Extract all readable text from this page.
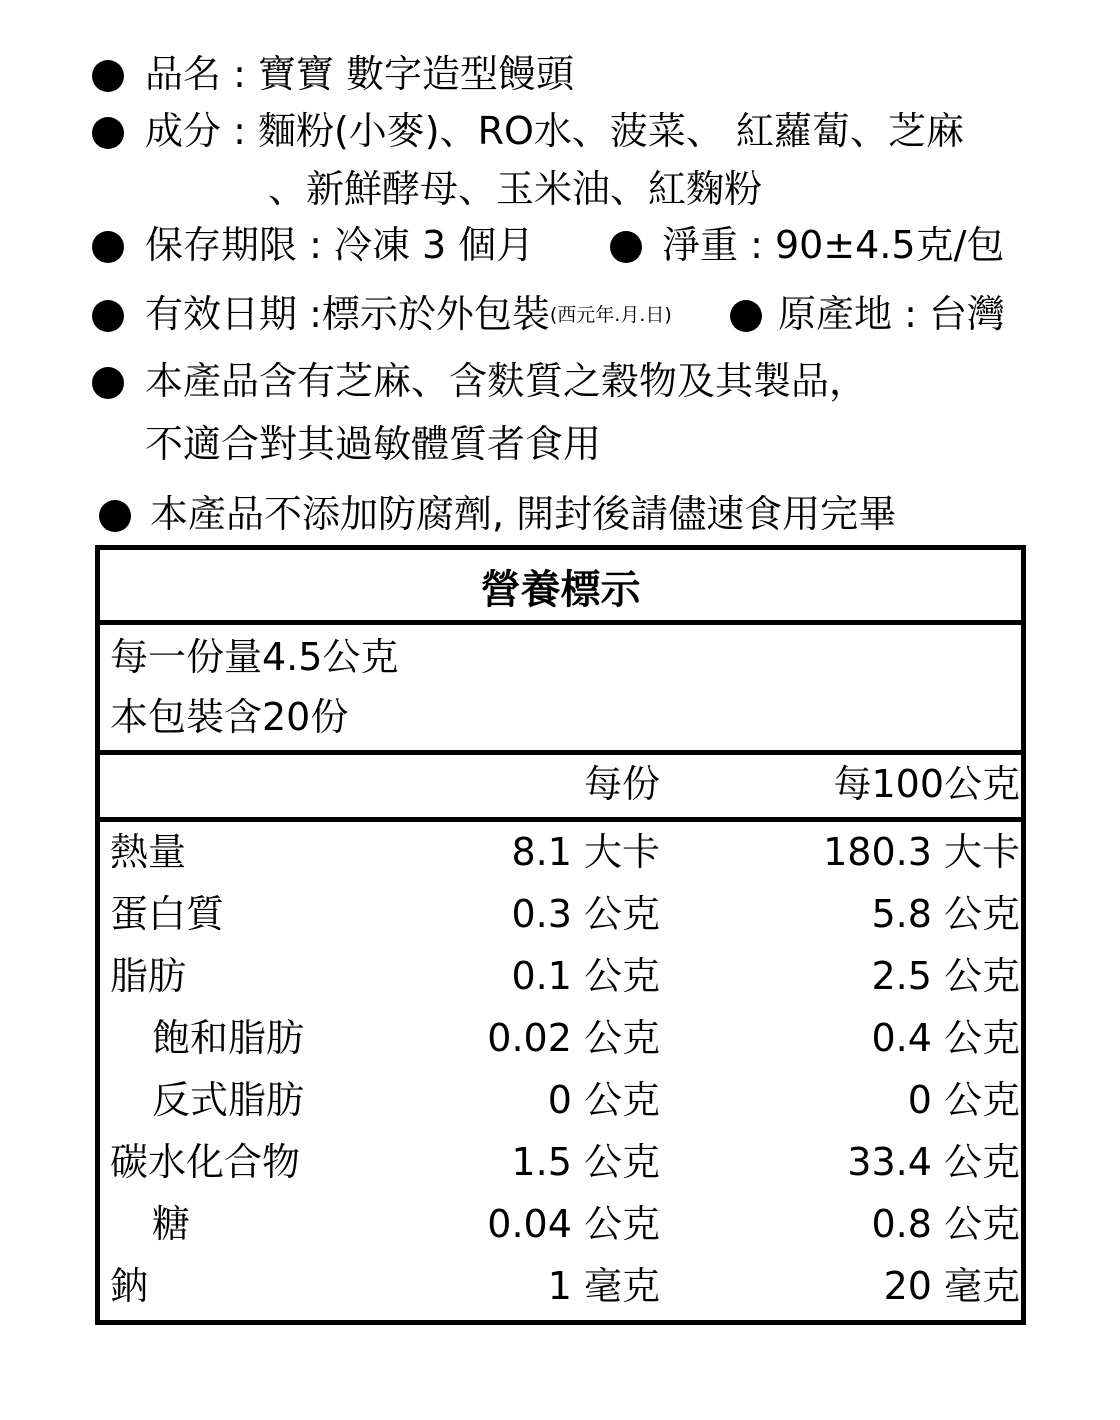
品名 : 寶寶 數字造型饅頭
成分 : 麵粉(小麥)、RO水、菠菜、 紅蘿蔔、芝麻
、新鮮酵母、玉米油、紅麴粉
保存期限 : 冷凍 3 個月	淨重 : 90±4.5克/包
有效日期 :標示於外包裝(西元年.月.日)	原產地 : 台灣
本產品含有芝麻、含麩質之穀物及其製品，
不適合對其過敏體質者食用
本產品不添加防腐劑, 開封後請儘速食用完畢
營養標示
每一份量4.5公克
本包裝含20份
每份	每100公克
熱量	8.1 大卡	180.3 大卡
蛋白質	0.3 公克	5.8 公克
脂肪	0.1 公克	2.5 公克
飽和脂肪	0.02 公克	0.4 公克
反式脂肪	0 公克	0 公克
碳水化合物	1.5 公克	33.4 公克
糖	0.04 公克	0.8 公克
鈉	1 毫克	20 毫克
